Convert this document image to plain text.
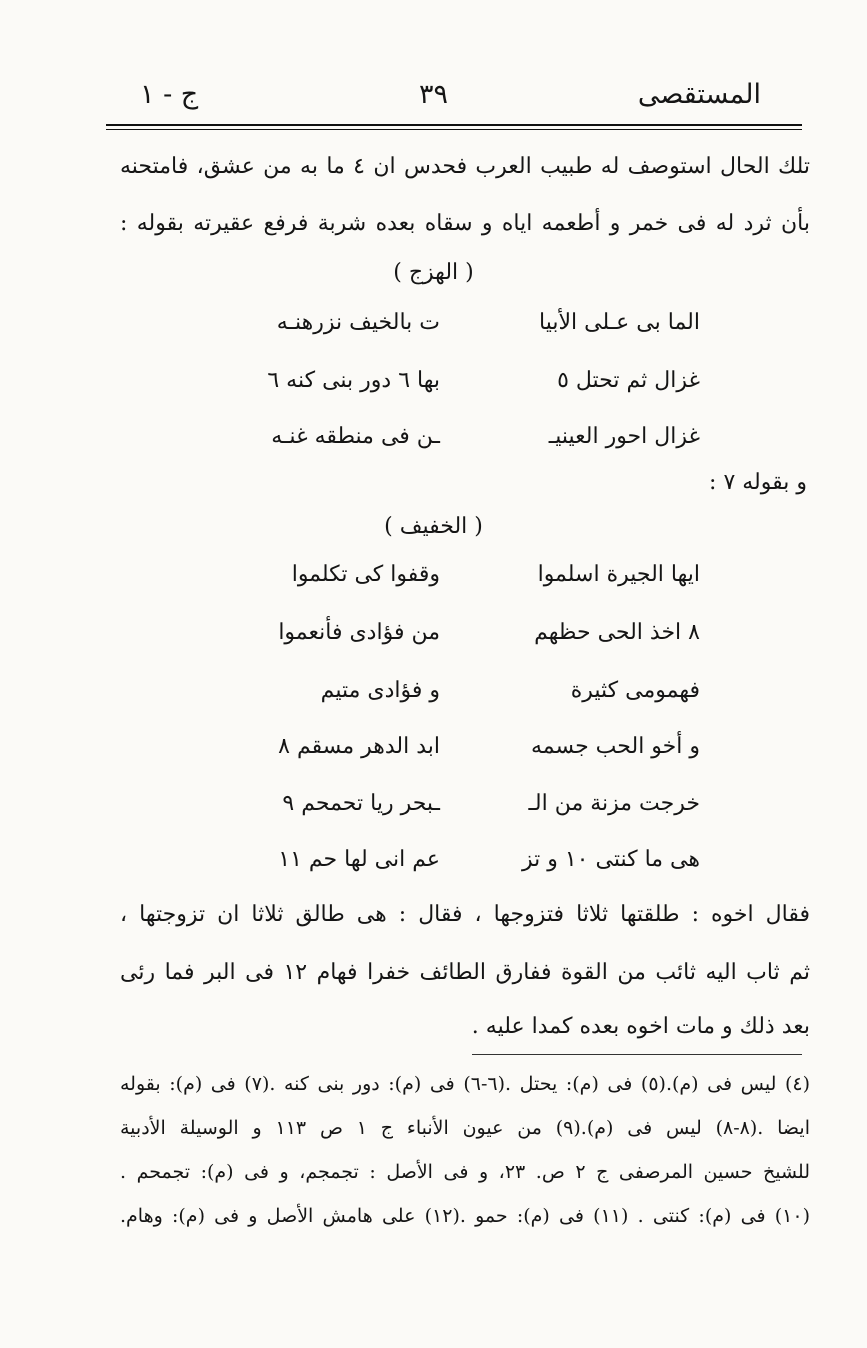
ج - ١	٣٩	المستقصى
تلك الحال استوصف له طبيب العرب فحدس ان ٤ ما به من عشق، فامتحنه
بأن ثرد له فى خمر و أطعمه اياه و سقاه بعده شربة فرفع عقيرته بقوله :
( الهزج )
الما بى عـلى الأبيا
ت بالخيف نزرهنـه
غزال ثم تحتل ٥
بها ٦ دور بنى كنه ٦
غزال احور العينيـ
ـن فى منطقه غنـه
و بقوله ٧ :
( الخفيف )
ايها الجيرة اسلموا
وقفوا كى تكلموا
٨ اخذ الحى حظهم
من فؤادى فأنعموا
فهمومى كثيرة
و فؤادى متيم
و أخو الحب جسمه
ابد الدهر مسقم ٨
خرجت مزنة من الـ
ـبحر ريا تحمحم ٩
هى ما كنتى ١٠ و تز
عم انى لها حم ١١
فقال اخوه : طلقتها ثلاثا فتزوجها ، فقال : هى طالق ثلاثا ان تزوجتها ،
ثم ثاب اليه ثائب من القوة ففارق الطائف خفرا فهام ١٢ فى البر فما رئى
بعد ذلك و مات اخوه بعده كمدا عليه .
(٤) ليس فى (م).(٥) فى (م): يحتل .(٦-٦) فى (م): دور بنى كنه .(٧) فى (م): بقوله
ايضا .(٨-٨) ليس فى (م).(٩) من عيون الأنباء ج ١ ص ١١٣ و الوسيلة الأدبية
للشيخ حسين المرصفى ج ٢ ص. ٢٣، و فى الأصل : تجمجم، و فى (م): تجمحم .
(١٠) فى (م): كنتى . (١١) فى (م): حمو .(١٢) على هامش الأصل و فى (م): وهام.
